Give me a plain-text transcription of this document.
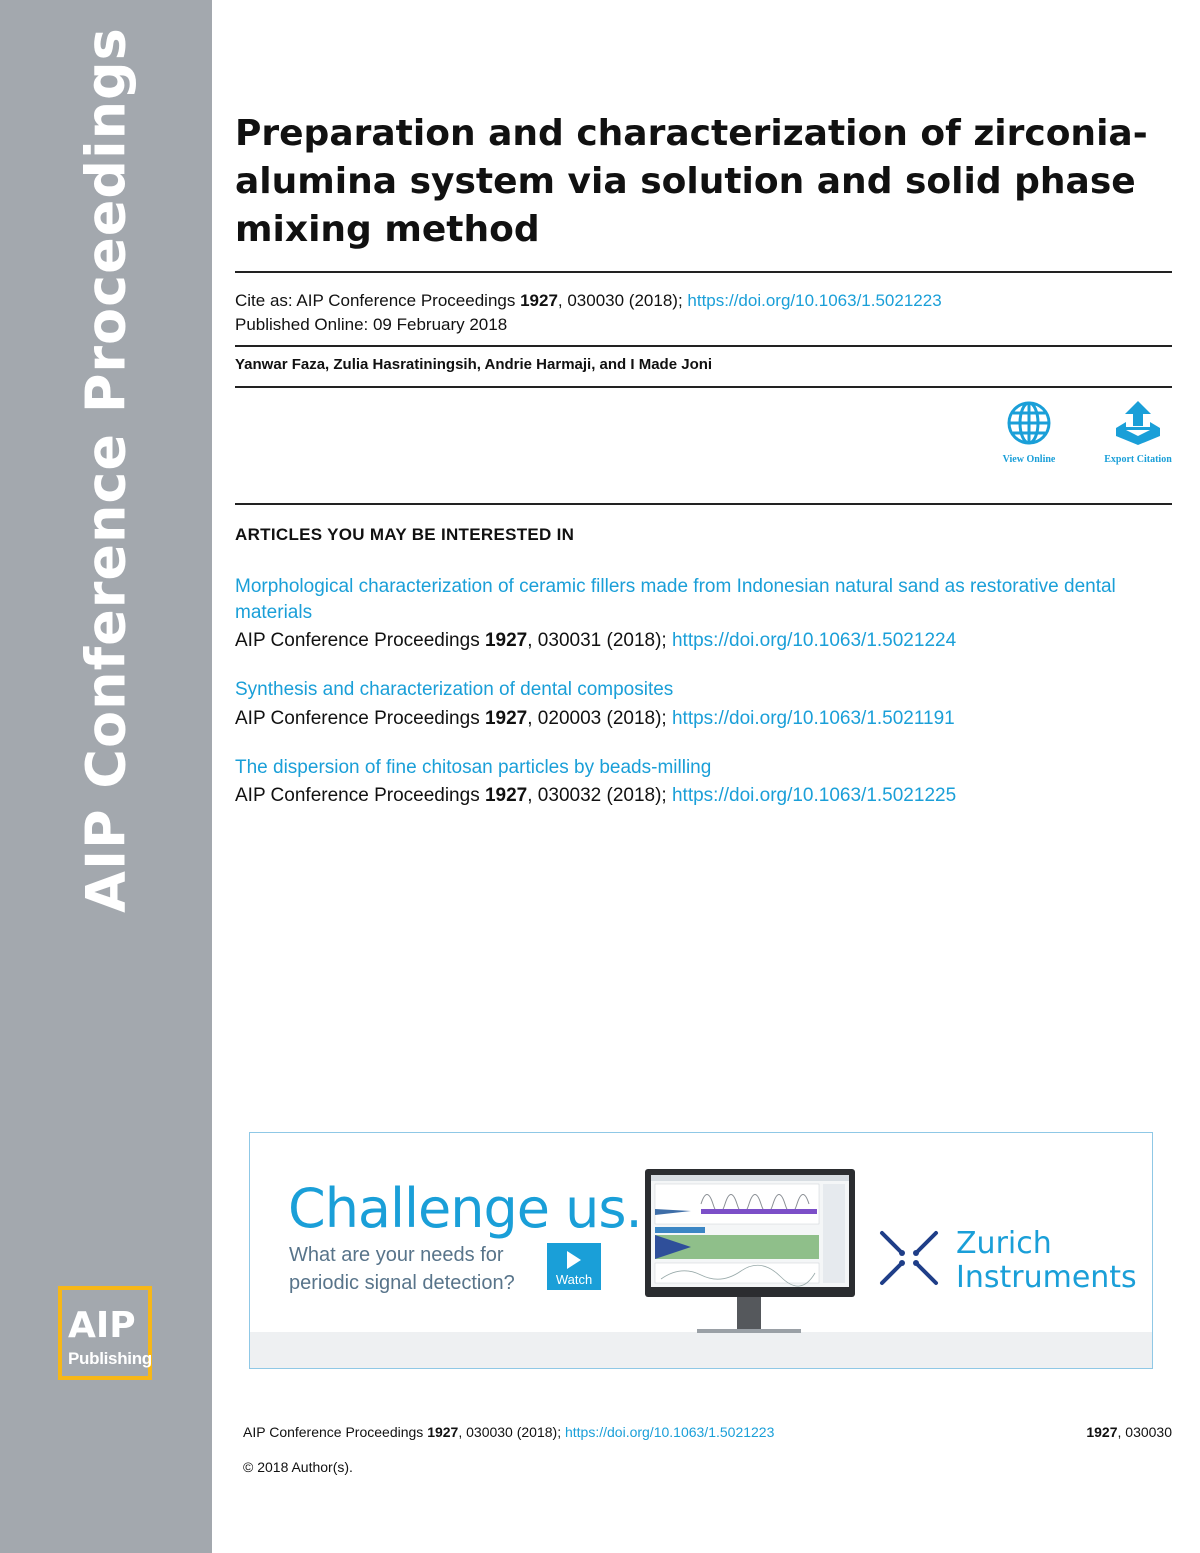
AIP Conference Proceedings
AIP
Publishing
Preparation and characterization of zirconia-alumina system via solution and solid phase mixing method
Cite as: AIP Conference Proceedings 1927, 030030 (2018); https://doi.org/10.1063/1.5021223
Published Online: 09 February 2018
Yanwar Faza, Zulia Hasratiningsih, Andrie Harmaji, and I Made Joni
View Online	Export Citation
ARTICLES YOU MAY BE INTERESTED IN
Morphological characterization of ceramic fillers made from Indonesian natural sand as restorative dental materials
AIP Conference Proceedings 1927, 030031 (2018); https://doi.org/10.1063/1.5021224
Synthesis and characterization of dental composites
AIP Conference Proceedings 1927, 020003 (2018); https://doi.org/10.1063/1.5021191
The dispersion of fine chitosan particles by beads-milling
AIP Conference Proceedings 1927, 030032 (2018); https://doi.org/10.1063/1.5021225
Challenge us.
What are your needs for periodic signal detection?	Watch
Zurich
Instruments
AIP Conference Proceedings 1927, 030030 (2018); https://doi.org/10.1063/1.5021223	1927, 030030
© 2018 Author(s).
